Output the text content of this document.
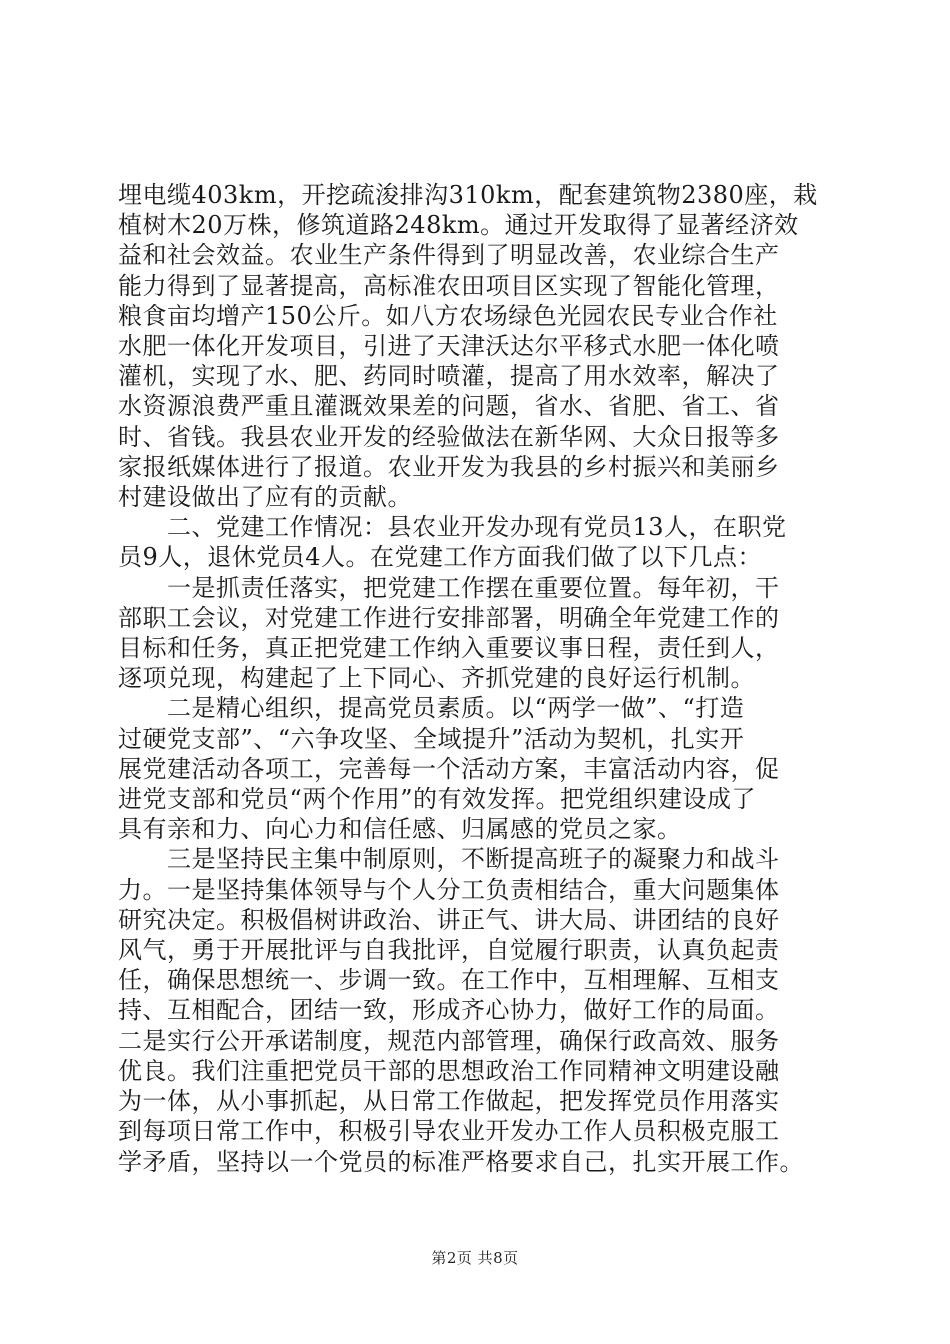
埋电缆403km，开挖疏浚排沟310km，配套建筑物2380座，栽
植树木20万株，修筑道路248km。通过开发取得了显著经济效
益和社会效益。农业生产条件得到了明显改善，农业综合生产
能力得到了显著提高，高标准农田项目区实现了智能化管理，
粮食亩均增产150公斤。如八方农场绿色光园农民专业合作社
水肥一体化开发项目，引进了天津沃达尔平移式水肥一体化喷
灌机，实现了水、肥、药同时喷灌，提高了用水效率，解决了
水资源浪费严重且灌溉效果差的问题，省水、省肥、省工、省
时、省钱。我县农业开发的经验做法在新华网、大众日报等多
家报纸媒体进行了报道。农业开发为我县的乡村振兴和美丽乡
村建设做出了应有的贡献。
　　二、党建工作情况：县农业开发办现有党员13人，在职党
员9人，退休党员4人。在党建工作方面我们做了以下几点：
　　一是抓责任落实，把党建工作摆在重要位置。每年初，干
部职工会议，对党建工作进行安排部署，明确全年党建工作的
目标和任务，真正把党建工作纳入重要议事日程，责任到人，
逐项兑现，构建起了上下同心、齐抓党建的良好运行机制。
　　二是精心组织，提高党员素质。以“两学一做”、“打造
过硬党支部”、“六争攻坚、全域提升”活动为契机，扎实开
展党建活动各项工，完善每一个活动方案，丰富活动内容，促
进党支部和党员“两个作用”的有效发挥。把党组织建设成了
具有亲和力、向心力和信任感、归属感的党员之家。
　　三是坚持民主集中制原则，不断提高班子的凝聚力和战斗
力。一是坚持集体领导与个人分工负责相结合，重大问题集体
研究决定。积极倡树讲政治、讲正气、讲大局、讲团结的良好
风气，勇于开展批评与自我批评，自觉履行职责，认真负起责
任，确保思想统一、步调一致。在工作中，互相理解、互相支
持、互相配合，团结一致，形成齐心协力，做好工作的局面。
二是实行公开承诺制度，规范内部管理，确保行政高效、服务
优良。我们注重把党员干部的思想政治工作同精神文明建设融
为一体，从小事抓起，从日常工作做起，把发挥党员作用落实
到每项日常工作中，积极引导农业开发办工作人员积极克服工
学矛盾，坚持以一个党员的标准严格要求自己，扎实开展工作。
第2页 共8页
